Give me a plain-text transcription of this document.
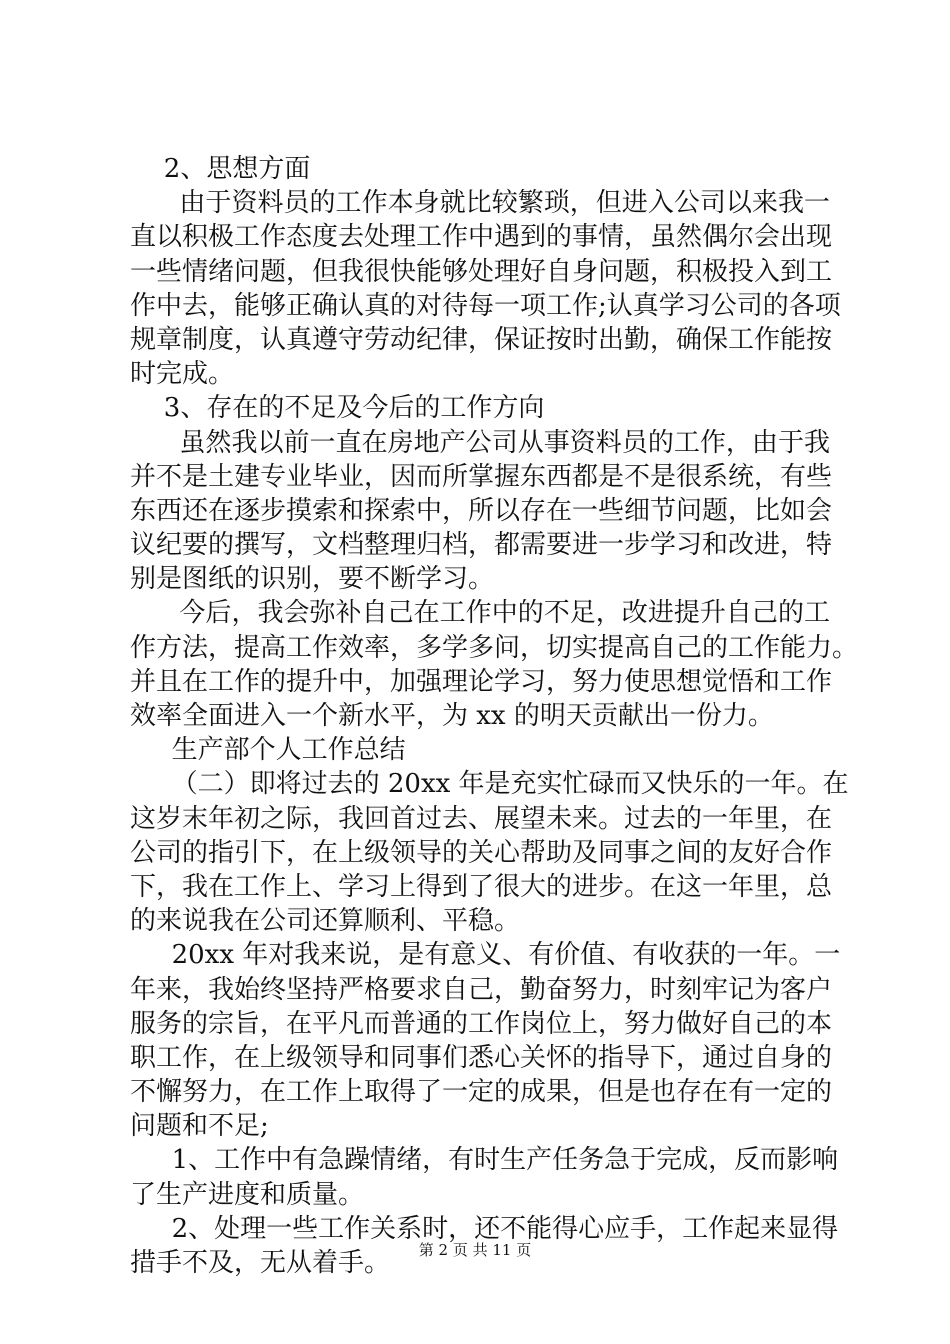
2、思想方面
由于资料员的工作本身就比较繁琐，但进入公司以来我一
直以积极工作态度去处理工作中遇到的事情，虽然偶尔会出现
一些情绪问题，但我很快能够处理好自身问题，积极投入到工
作中去，能够正确认真的对待每一项工作;认真学习公司的各项
规章制度，认真遵守劳动纪律，保证按时出勤，确保工作能按
时完成。
3、存在的不足及今后的工作方向
虽然我以前一直在房地产公司从事资料员的工作，由于我
并不是土建专业毕业，因而所掌握东西都是不是很系统，有些
东西还在逐步摸索和探索中，所以存在一些细节问题，比如会
议纪要的撰写，文档整理归档，都需要进一步学习和改进，特
别是图纸的识别，要不断学习。
今后，我会弥补自己在工作中的不足，改进提升自己的工
作方法，提高工作效率，多学多问，切实提高自己的工作能力。
并且在工作的提升中，加强理论学习，努力使思想觉悟和工作
效率全面进入一个新水平，为 xx 的明天贡献出一份力。
生产部个人工作总结
（二）即将过去的 20xx 年是充实忙碌而又快乐的一年。在
这岁末年初之际，我回首过去、展望未来。过去的一年里，在
公司的指引下，在上级领导的关心帮助及同事之间的友好合作
下，我在工作上、学习上得到了很大的进步。在这一年里，总
的来说我在公司还算顺利、平稳。
20xx 年对我来说，是有意义、有价值、有收获的一年。一
年来，我始终坚持严格要求自己，勤奋努力，时刻牢记为客户
服务的宗旨，在平凡而普通的工作岗位上，努力做好自己的本
职工作，在上级领导和同事们悉心关怀的指导下，通过自身的
不懈努力，在工作上取得了一定的成果，但是也存在有一定的
问题和不足;
1、工作中有急躁情绪，有时生产任务急于完成，反而影响
了生产进度和质量。
2、处理一些工作关系时，还不能得心应手，工作起来显得
措手不及，无从着手。	第 2 页 共 11 页
